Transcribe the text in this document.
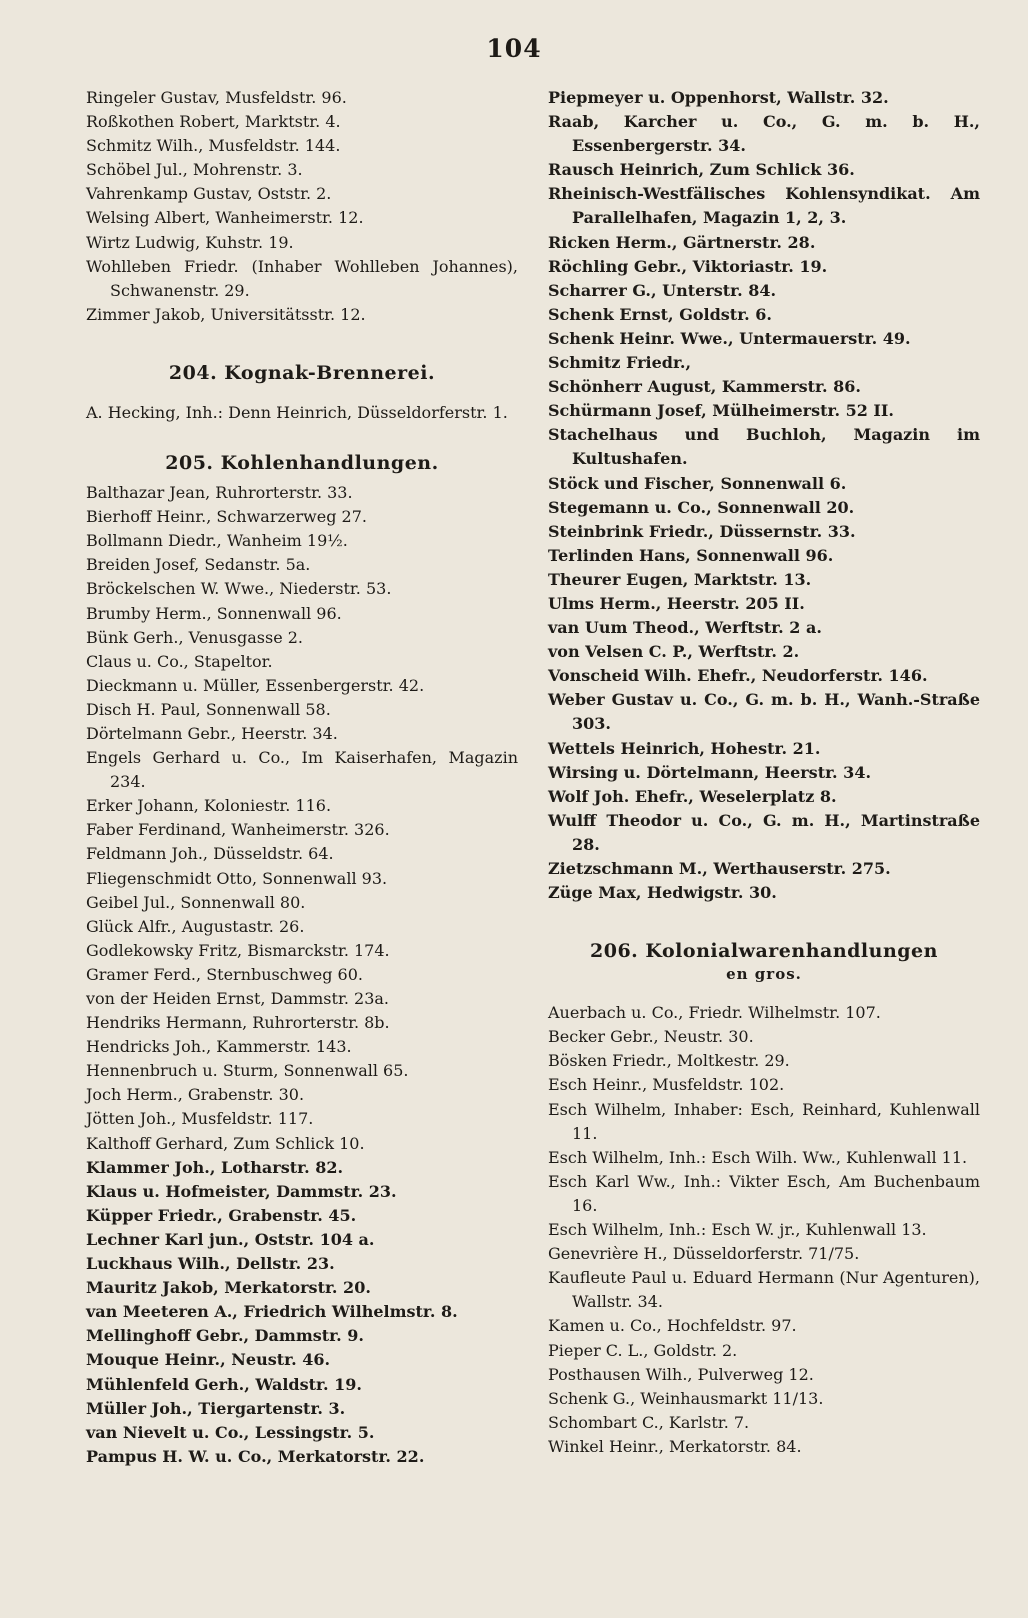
104
Ringeler Gustav, Musfeldstr. 96.
Roßkothen Robert, Marktstr. 4.
Schmitz Wilh., Musfeldstr. 144.
Schöbel Jul., Mohrenstr. 3.
Vahrenkamp Gustav, Oststr. 2.
Welsing Albert, Wanheimerstr. 12.
Wirtz Ludwig, Kuhstr. 19.
Wohlleben Friedr. (Inhaber Wohlleben Johannes), Schwanenstr. 29.
Zimmer Jakob, Universitätsstr. 12.
204. Kognak-Brennerei.
A. Hecking, Inh.: Denn Heinrich, Düsseldorferstr. 1.
205. Kohlenhandlungen.
Balthazar Jean, Ruhrorterstr. 33.
Bierhoff Heinr., Schwarzerweg 27.
Bollmann Diedr., Wanheim 19½.
Breiden Josef, Sedanstr. 5a.
Bröckelschen W. Wwe., Niederstr. 53.
Brumby Herm., Sonnenwall 96.
Bünk Gerh., Venusgasse 2.
Claus u. Co., Stapeltor.
Dieckmann u. Müller, Essenbergerstr. 42.
Disch H. Paul, Sonnenwall 58.
Dörtelmann Gebr., Heerstr. 34.
Engels Gerhard u. Co., Im Kaiserhafen, Magazin 234.
Erker Johann, Koloniestr. 116.
Faber Ferdinand, Wanheimerstr. 326.
Feldmann Joh., Düsseldstr. 64.
Fliegenschmidt Otto, Sonnenwall 93.
Geibel Jul., Sonnenwall 80.
Glück Alfr., Augustastr. 26.
Godlekowsky Fritz, Bismarckstr. 174.
Gramer Ferd., Sternbuschweg 60.
von der Heiden Ernst, Dammstr. 23a.
Hendriks Hermann, Ruhrorterstr. 8b.
Hendricks Joh., Kammerstr. 143.
Hennenbruch u. Sturm, Sonnenwall 65.
Joch Herm., Grabenstr. 30.
Jötten Joh., Musfeldstr. 117.
Kalthoff Gerhard, Zum Schlick 10.
Klammer Joh., Lotharstr. 82.
Klaus u. Hofmeister, Dammstr. 23.
Küpper Friedr., Grabenstr. 45.
Lechner Karl jun., Oststr. 104 a.
Luckhaus Wilh., Dellstr. 23.
Mauritz Jakob, Merkatorstr. 20.
van Meeteren A., Friedrich Wilhelmstr. 8.
Mellinghoff Gebr., Dammstr. 9.
Mouque Heinr., Neustr. 46.
Mühlenfeld Gerh., Waldstr. 19.
Müller Joh., Tiergartenstr. 3.
van Nievelt u. Co., Lessingstr. 5.
Pampus H. W. u. Co., Merkatorstr. 22.
Piepmeyer u. Oppenhorst, Wallstr. 32.
Raab, Karcher u. Co., G. m. b. H., Essenbergerstr. 34.
Rausch Heinrich, Zum Schlick 36.
Rheinisch-Westfälisches Kohlensyndikat. Am Parallelhafen, Magazin 1, 2, 3.
Ricken Herm., Gärtnerstr. 28.
Röchling Gebr., Viktoriastr. 19.
Scharrer G., Unterstr. 84.
Schenk Ernst, Goldstr. 6.
Schenk Heinr. Wwe., Untermauerstr. 49.
Schmitz Friedr.,
Schönherr August, Kammerstr. 86.
Schürmann Josef, Mülheimerstr. 52 II.
Stachelhaus und Buchloh, Magazin im Kultushafen.
Stöck und Fischer, Sonnenwall 6.
Stegemann u. Co., Sonnenwall 20.
Steinbrink Friedr., Düssernstr. 33.
Terlinden Hans, Sonnenwall 96.
Theurer Eugen, Marktstr. 13.
Ulms Herm., Heerstr. 205 II.
van Uum Theod., Werftstr. 2 a.
von Velsen C. P., Werftstr. 2.
Vonscheid Wilh. Ehefr., Neudorferstr. 146.
Weber Gustav u. Co., G. m. b. H., Wanh.-Straße 303.
Wettels Heinrich, Hohestr. 21.
Wirsing u. Dörtelmann, Heerstr. 34.
Wolf Joh. Ehefr., Weselerplatz 8.
Wulff Theodor u. Co., G. m. H., Martinstraße 28.
Zietzschmann M., Werthauserstr. 275.
Züge Max, Hedwigstr. 30.
206. Kolonialwarenhandlungen
en gros.
Auerbach u. Co., Friedr. Wilhelmstr. 107.
Becker Gebr., Neustr. 30.
Bösken Friedr., Moltkestr. 29.
Esch Heinr., Musfeldstr. 102.
Esch Wilhelm, Inhaber: Esch, Reinhard, Kuhlenwall 11.
Esch Wilhelm, Inh.: Esch Wilh. Ww., Kuhlenwall 11.
Esch Karl Ww., Inh.: Vikter Esch, Am Buchenbaum 16.
Esch Wilhelm, Inh.: Esch W. jr., Kuhlenwall 13.
Genevrière H., Düsseldorferstr. 71/75.
Kaufleute Paul u. Eduard Hermann (Nur Agenturen), Wallstr. 34.
Kamen u. Co., Hochfeldstr. 97.
Pieper C. L., Goldstr. 2.
Posthausen Wilh., Pulverweg 12.
Schenk G., Weinhausmarkt 11/13.
Schombart C., Karlstr. 7.
Winkel Heinr., Merkatorstr. 84.
